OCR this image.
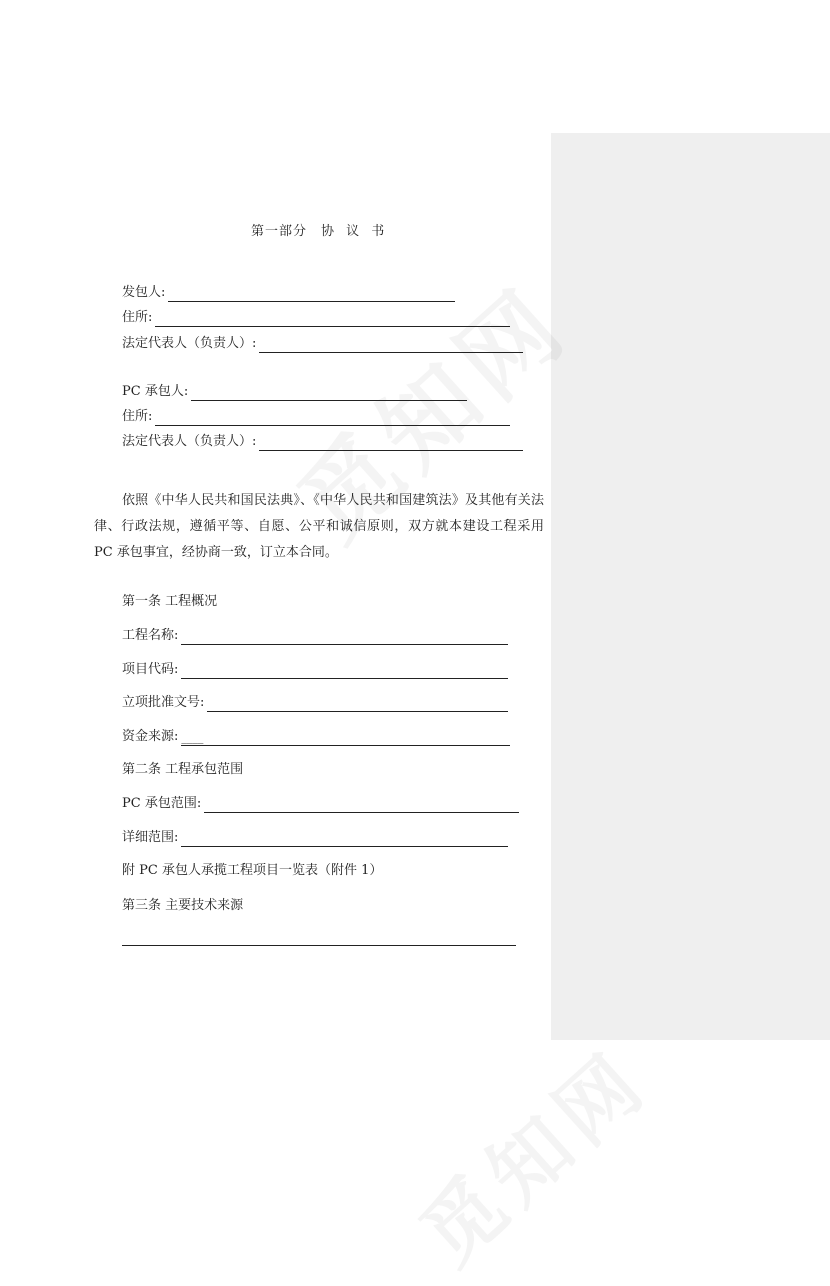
第一部分　协 议 书
发包人:
住所:
法定代表人（负责人）:
PC 承包人:
住所:
法定代表人（负责人）:
依照《中华人民共和国民法典》、《中华人民共和国建筑法》及其他有关法律、行政法规，遵循平等、自愿、公平和诚信原则，双方就本建设工程采用 PC 承包事宜，经协商一致，订立本合同。
第一条 工程概况
工程名称:
项目代码:
立项批准文号:
资金来源: ____
第二条 工程承包范围
PC 承包范围:
详细范围:
附 PC 承包人承揽工程项目一览表（附件 1）
第三条 主要技术来源
